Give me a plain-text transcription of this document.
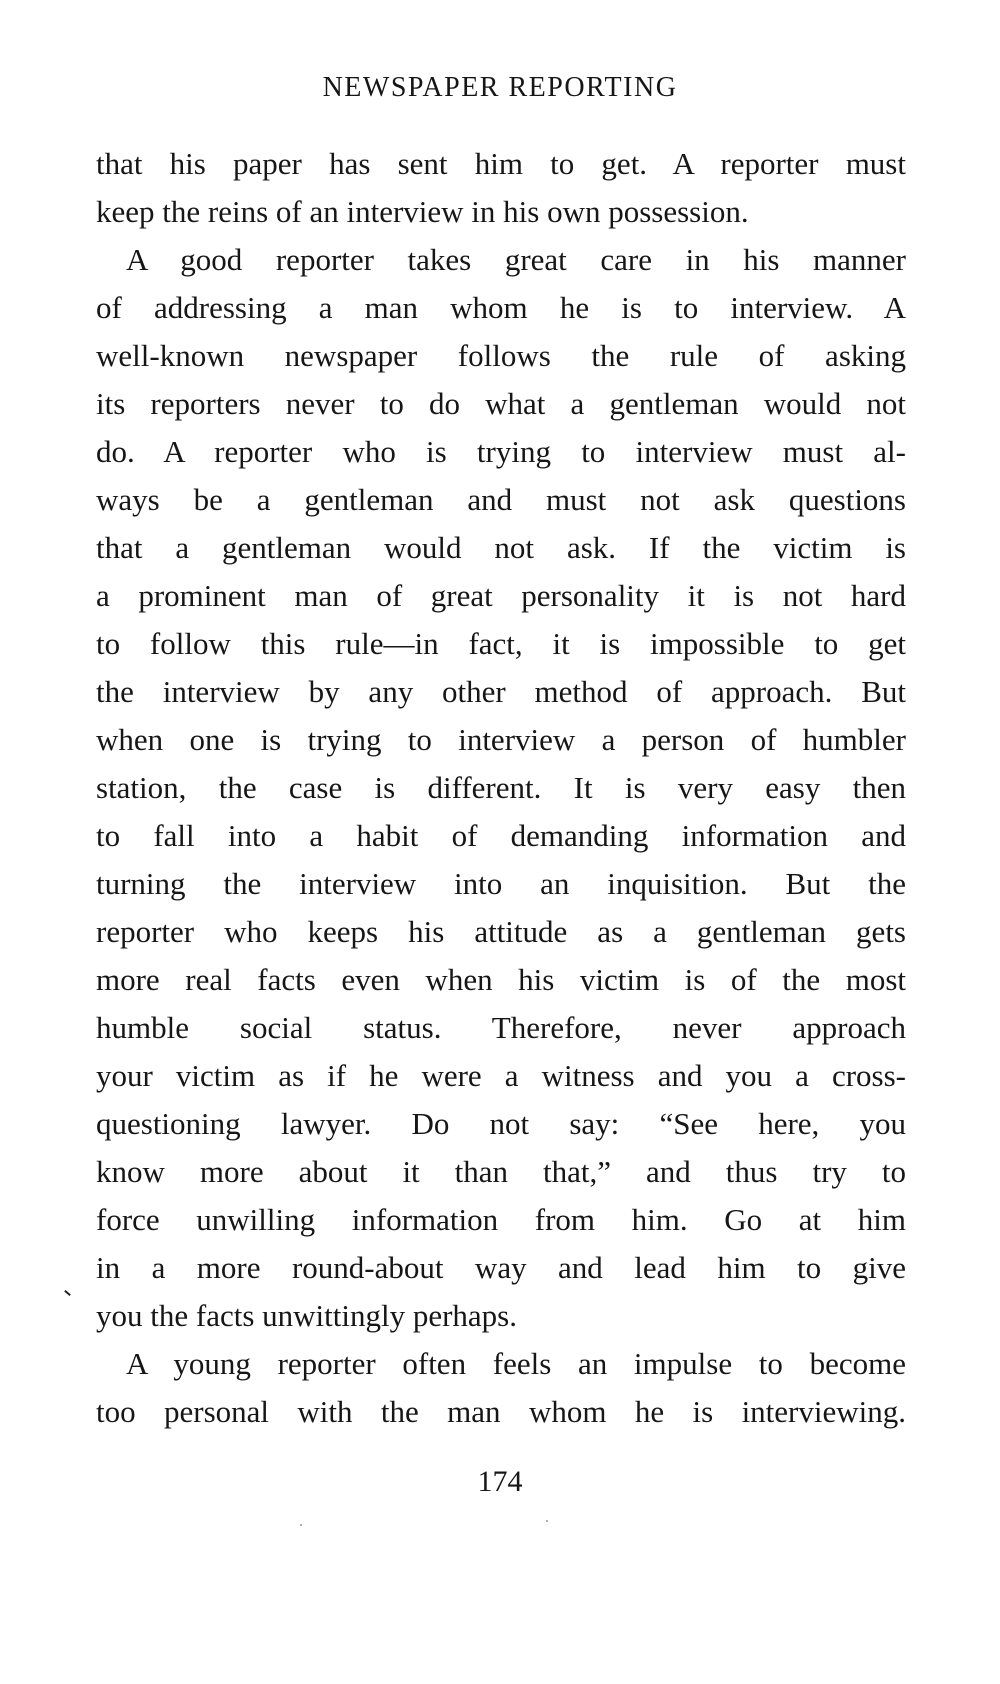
NEWSPAPER REPORTING
that his paper has sent him to get. A reporter must
keep the reins of an interview in his own possession.
A good reporter takes great care in his manner
of addressing a man whom he is to interview. A
well-known newspaper follows the rule of asking
its reporters never to do what a gentleman would not
do. A reporter who is trying to interview must al-
ways be a gentleman and must not ask questions
that a gentleman would not ask. If the victim is
a prominent man of great personality it is not hard
to follow this rule—in fact, it is impossible to get
the interview by any other method of approach. But
when one is trying to interview a person of humbler
station, the case is different. It is very easy then
to fall into a habit of demanding information and
turning the interview into an inquisition. But the
reporter who keeps his attitude as a gentleman gets
more real facts even when his victim is of the most
humble social status. Therefore, never approach
your victim as if he were a witness and you a cross-
questioning lawyer. Do not say: “See here, you
know more about it than that,” and thus try to
force unwilling information from him. Go at him
in a more round-about way and lead him to give
you the facts unwittingly perhaps.
A young reporter often feels an impulse to become
too personal with the man whom he is interviewing.
174
